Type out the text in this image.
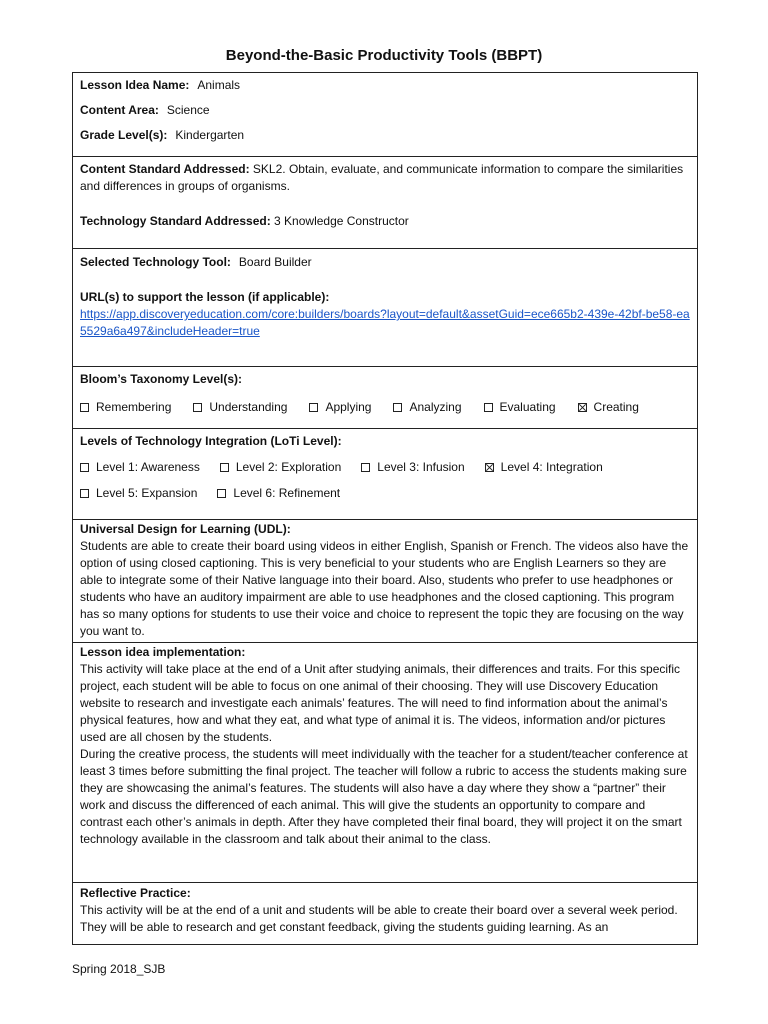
Beyond-the-Basic Productivity Tools (BBPT)
Lesson Idea Name: Animals
Content Area: Science
Grade Level(s): Kindergarten
Content Standard Addressed: SKL2. Obtain, evaluate, and communicate information to compare the similarities and differences in groups of organisms.
Technology Standard Addressed: 3 Knowledge Constructor
Selected Technology Tool: Board Builder
URL(s) to support the lesson (if applicable):
https://app.discoveryeducation.com/core:builders/boards?layout=default&assetGuid=ece665b2-439e-42bf-be58-ea5529a6a497&includeHeader=true
Bloom’s Taxonomy Level(s):
Remembering	Understanding	Applying	Analyzing	Evaluating	Creating
Levels of Technology Integration (LoTi Level):
Level 1: Awareness	Level 2: Exploration	Level 3: Infusion	Level 4: Integration
Level 5: Expansion	Level 6: Refinement
Universal Design for Learning (UDL):

Students are able to create their board using videos in either English, Spanish or French. The videos also have the option of using closed captioning. This is very beneficial to your students who are English Learners so they are able to integrate some of their Native language into their board. Also, students who prefer to use headphones or students who have an auditory impairment are able to use headphones and the closed captioning. This program has so many options for students to use their voice and choice to represent the topic they are focusing on the way you want to.

Lesson idea implementation:

This activity will take place at the end of a Unit after studying animals, their differences and traits. For this specific project, each student will be able to focus on one animal of their choosing. They will use Discovery Education website to research and investigate each animals’ features. The will need to find information about the animal’s physical features, how and what they eat, and what type of animal it is. The videos, information and/or pictures used are all chosen by the students.

During the creative process, the students will meet individually with the teacher for a student/teacher conference at least 3 times before submitting the final project. The teacher will follow a rubric to access the students making sure they are showcasing the animal’s features. The students will also have a day where they show a “partner” their work and discuss the differenced of each animal. This will give the students an opportunity to compare and contrast each other’s animals in depth. After they have completed their final board, they will project it on the smart technology available in the classroom and talk about their animal to the class.

Reflective Practice:

This activity will be at the end of a unit and students will be able to create their board over a several week period. They will be able to research and get constant feedback, giving the students guiding learning. As an

Spring 2018_SJB
